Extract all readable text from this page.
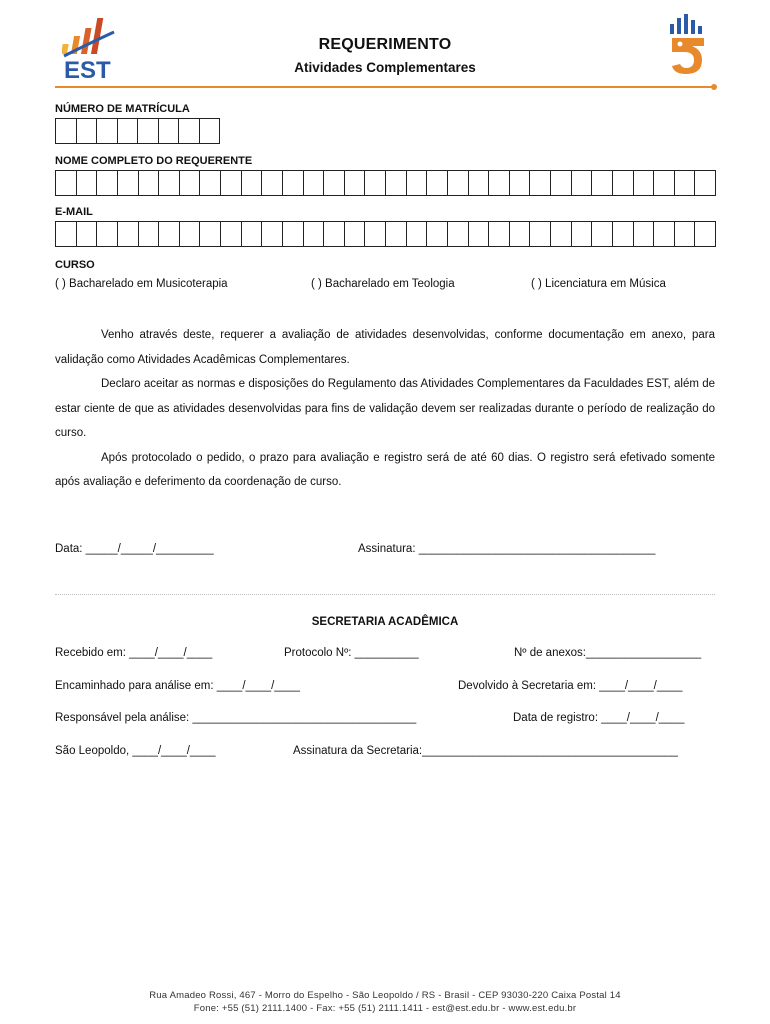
EST
REQUERIMENTO
Atividades Complementares
NÚMERO DE MATRÍCULA
NOME COMPLETO DO REQUERENTE
E-MAIL
CURSO
( ) Bacharelado em Musicoterapia	( ) Bacharelado em Teologia	( ) Licenciatura em Música

Venho através deste, requerer a avaliação de atividades desenvolvidas, conforme documentação em anexo, para validação como Atividades Acadêmicas Complementares.

Declaro aceitar as normas e disposições do Regulamento das Atividades Complementares da Faculdades EST, além de estar ciente de que as atividades desenvolvidas para fins de validação devem ser realizadas durante o período de realização do curso.

Após protocolado o pedido, o prazo para avaliação e registro será de até 60 dias. O registro será efetivado somente após avaliação e deferimento da coordenação de curso.

Data: _____/_____/_________	Assinatura: _____________________________________
SECRETARIA ACADÊMICA
Recebido em: ____/____/____	Protocolo Nº: __________	Nº de anexos:__________________
Encaminhado para análise em: ____/____/____	Devolvido à Secretaria em: ____/____/____
Responsável pela análise: ___________________________________	Data de registro: ____/____/____
São Leopoldo, ____/____/____	Assinatura da Secretaria:________________________________________
Rua Amadeo Rossi, 467 - Morro do Espelho - São Leopoldo / RS - Brasil - CEP 93030-220 Caixa Postal 14
Fone: +55 (51) 2111.1400 - Fax: +55 (51) 2111.1411 - est@est.edu.br - www.est.edu.br
